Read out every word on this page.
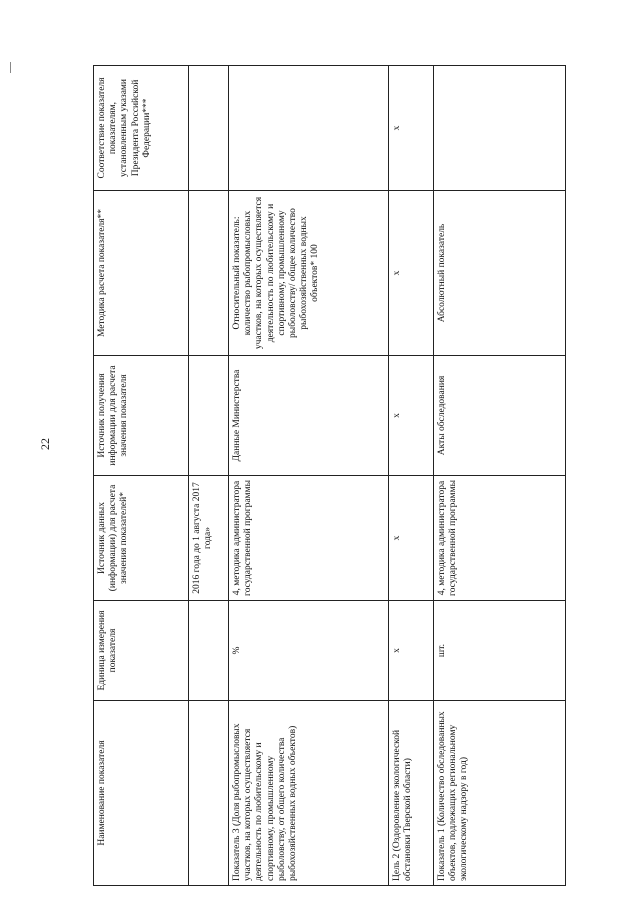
22
Наименование показателя	Единица измерения показателя	Источник данных (информации) для расчета значения показателей*	Источник получения информации для расчета значения показателя	Методика расчета показателя**	Соответствие показателя показателям, установленным указами Президента Российской Федерации***
		2016 года до 1 августа 2017 года»			
Показатель 3 (Доля рыбопромысловых участков, на которых осуществляется деятельность по любительскому и спортивному, промышленному рыболовству, от общего количества рыбохозяйственных водных объектов)	%	4, методика администратора государственной программы	Данные Министерства	Относительный показатель: количество рыбопромысловых участков, на которых осуществляется деятельность по любительскому и спортивному, промышленному рыболовству/ общее количество рыбохозяйственных водных объектов* 100	
Цель 2 (Оздоровление экологической обстановки Тверской области)	х	х	х	х	х
Показатель 1 (Количество обследованных объектов, подлежащих региональному экологическому надзору в год)	шт.	4, методика администратора государственной программы	Акты обследования	Абсолютный показатель	
